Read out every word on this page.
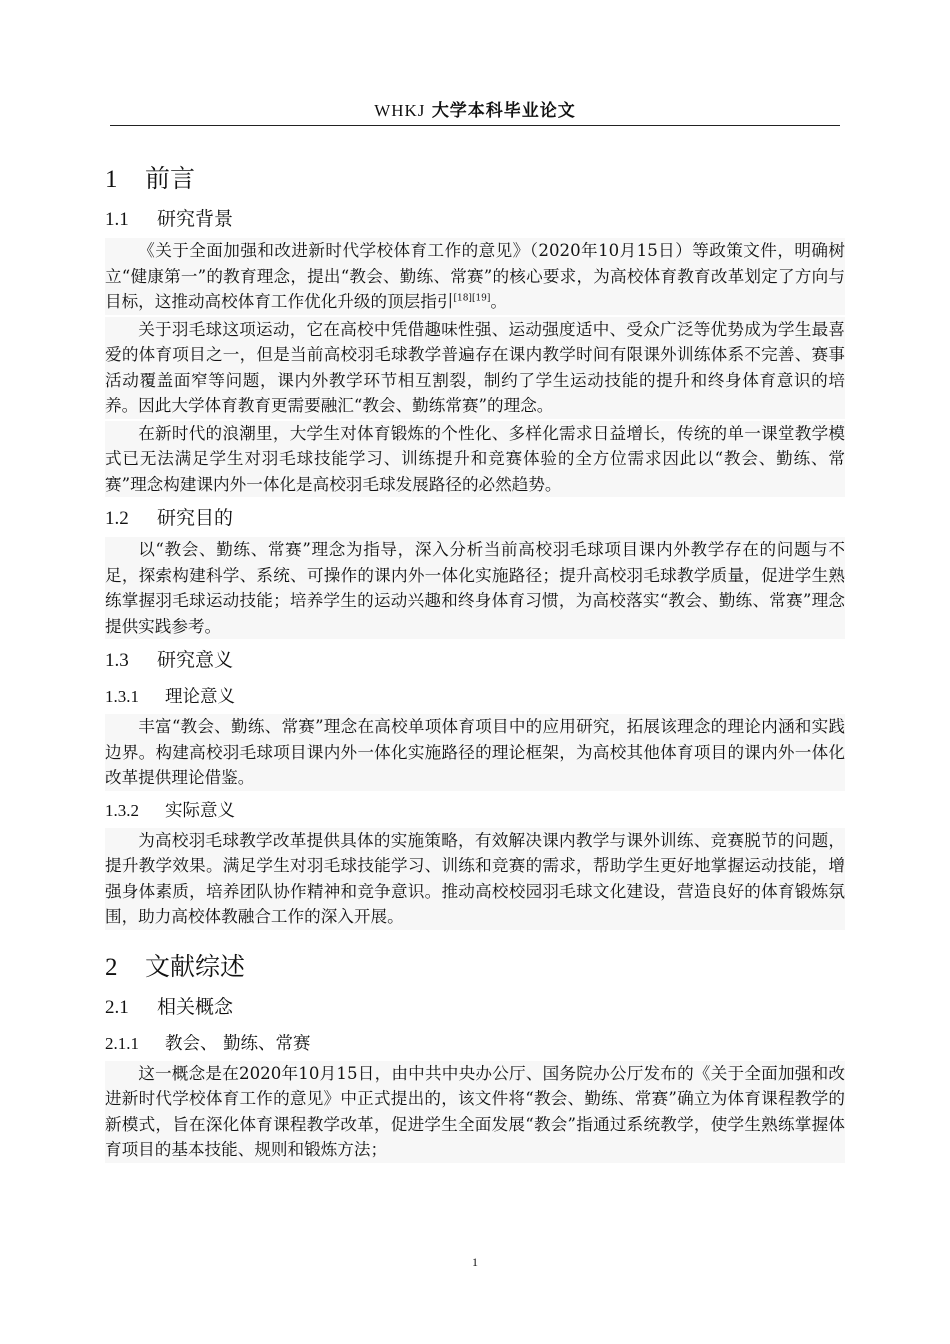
WHKJ 大学本科毕业论文
1 前言
1.1 研究背景

《关于全面加强和改进新时代学校体育工作的意见》（2020年10月15日）等政策文件，明确树立“健康第一”的教育理念，提出“教会、勤练、常赛”的核心要求，为高校体育教育改革划定了方向与目标，这推动高校体育工作优化升级的顶层指引[18][19]。

关于羽毛球这项运动，它在高校中凭借趣味性强、运动强度适中、受众广泛等优势成为学生最喜爱的体育项目之一，但是当前高校羽毛球教学普遍存在课内教学时间有限课外训练体系不完善、赛事活动覆盖面窄等问题，课内外教学环节相互割裂，制约了学生运动技能的提升和终身体育意识的培养。因此大学体育教育更需要融汇“教会、勤练常赛”的理念。

在新时代的浪潮里，大学生对体育锻炼的个性化、多样化需求日益增长，传统的单一课堂教学模式已无法满足学生对羽毛球技能学习、训练提升和竞赛体验的全方位需求因此以“教会、勤练、常赛”理念构建课内外一体化是高校羽毛球发展路径的必然趋势。

1.2 研究目的

以“教会、勤练、常赛”理念为指导，深入分析当前高校羽毛球项目课内外教学存在的问题与不足，探索构建科学、系统、可操作的课内外一体化实施路径；提升高校羽毛球教学质量，促进学生熟练掌握羽毛球运动技能；培养学生的运动兴趣和终身体育习惯，为高校落实“教会、勤练、常赛”理念提供实践参考。

1.3 研究意义
1.3.1 理论意义

丰富“教会、勤练、常赛”理念在高校单项体育项目中的应用研究，拓展该理念的理论内涵和实践边界。构建高校羽毛球项目课内外一体化实施路径的理论框架，为高校其他体育项目的课内外一体化改革提供理论借鉴。

1.3.2 实际意义

为高校羽毛球教学改革提供具体的实施策略，有效解决课内教学与课外训练、竞赛脱节的问题，提升教学效果。满足学生对羽毛球技能学习、训练和竞赛的需求，帮助学生更好地掌握运动技能，增强身体素质，培养团队协作精神和竞争意识。推动高校校园羽毛球文化建设，营造良好的体育锻炼氛围，助力高校体教融合工作的深入开展。

2 文献综述
2.1 相关概念
2.1.1 教会、 勤练、常赛

这一概念是在2020年10月15日，由中共中央办公厅、国务院办公厅发布的《关于全面加强和改进新时代学校体育工作的意见》中正式提出的，该文件将“教会、勤练、常赛”确立为体育课程教学的新模式，旨在深化体育课程教学改革，促进学生全面发展“教会”指通过系统教学，使学生熟练掌握体育项目的基本技能、规则和锻炼方法；

1
